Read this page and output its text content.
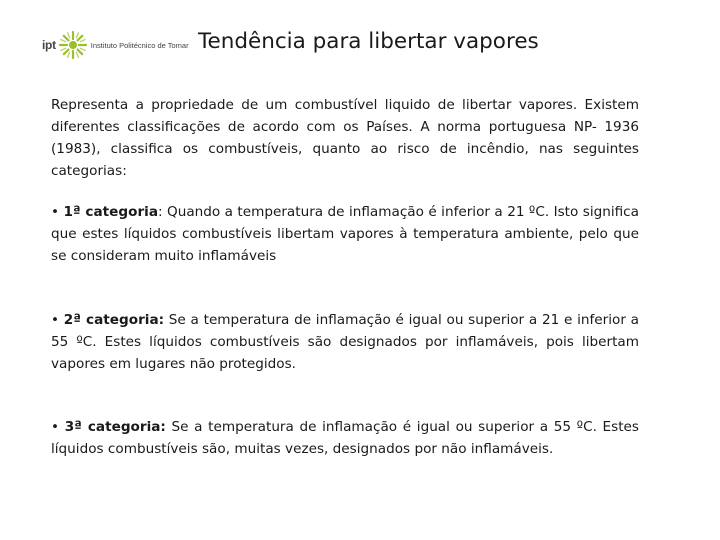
ipt	Instituto Politécnico de Tomar Tendência para libertar vapores

Representa a propriedade de um combustível liquido de libertar vapores. Existem diferentes classificações de acordo com os Países. A norma portuguesa NP- 1936 (1983), classifica os combustíveis, quanto ao risco de incêndio, nas seguintes categorias:

• 1ª categoria: Quando a temperatura de inflamação é inferior a 21 ºC. Isto significa que estes líquidos combustíveis libertam vapores à temperatura ambiente, pelo que se consideram muito inflamáveis

• 2ª categoria: Se a temperatura de inflamação é igual ou superior a 21 e inferior a 55 ºC. Estes líquidos combustíveis são designados por inflamáveis, pois libertam vapores em lugares não protegidos.

• 3ª categoria: Se a temperatura de inflamação é igual ou superior a 55 ºC. Estes líquidos combustíveis são, muitas vezes, designados por não inflamáveis.
